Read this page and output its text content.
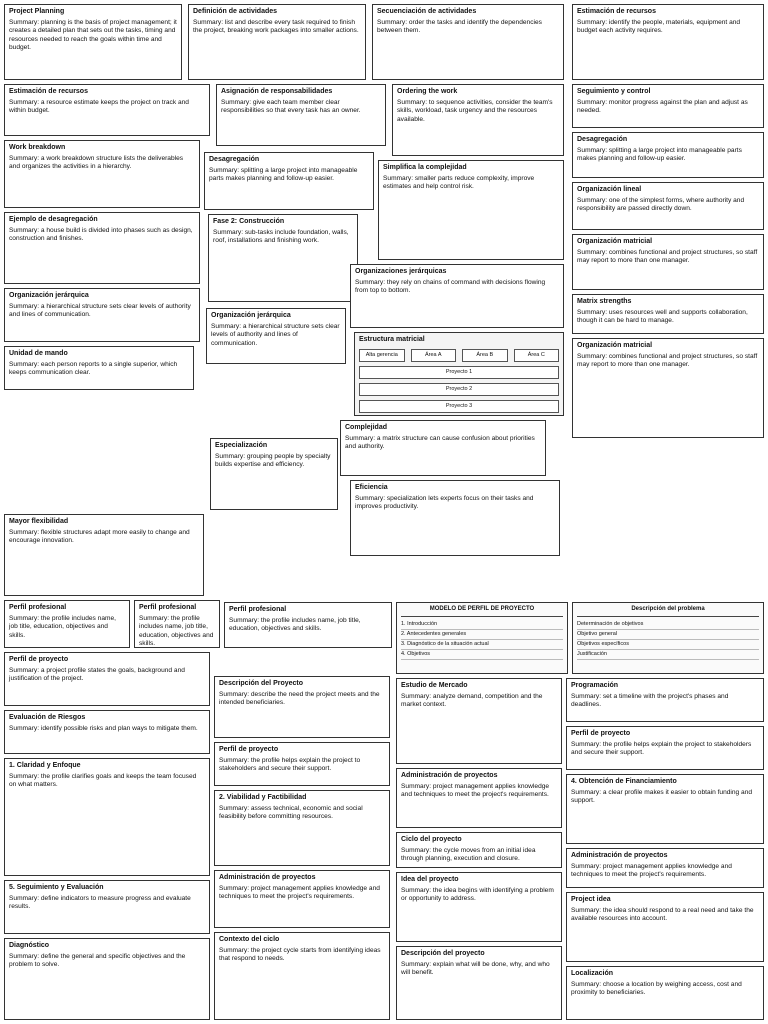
Project Planning

Summary: planning is the basis of project management; it creates a detailed plan that sets out the tasks, timing and resources needed to reach the goals within time and budget.

Definición de actividades

Summary: list and describe every task required to finish the project, breaking work packages into smaller actions.

Secuenciación de actividades

Summary: order the tasks and identify the dependencies between them.

Estimación de recursos

Summary: identify the people, materials, equipment and budget each activity requires.

Estimación de recursos

Summary: a resource estimate keeps the project on track and within budget.

Asignación de responsabilidades

Summary: give each team member clear responsibilities so that every task has an owner.

Ordering the work

Summary: to sequence activities, consider the team's skills, workload, task urgency and the resources available.

Seguimiento y control

Summary: monitor progress against the plan and adjust as needed.

Work breakdown

Summary: a work breakdown structure lists the deliverables and organizes the activities in a hierarchy.

Desagregación

Summary: splitting a large project into manageable parts makes planning and follow-up easier.

Simplifica la complejidad

Summary: smaller parts reduce complexity, improve estimates and help control risk.

Desagregación

Summary: splitting a large project into manageable parts makes planning and follow-up easier.

Ejemplo de desagregación

Summary: a house build is divided into phases such as design, construction and finishes.

Fase 2: Construcción

Summary: sub-tasks include foundation, walls, roof, installations and finishing work.

Organización lineal

Summary: one of the simplest forms, where authority and responsibility are passed directly down.

Organización jerárquica

Summary: a hierarchical structure sets clear levels of authority and lines of communication.	Organización jerárquica

Summary: a hierarchical structure sets clear levels of authority and lines of communication.

Organizaciones jerárquicas

Summary: they rely on chains of command with decisions flowing from top to bottom.

Organización matricial

Summary: combines functional and project structures, so staff may report to more than one manager.

Unidad de mando

Summary: each person reports to a single superior, which keeps communication clear.

Estructura matricial
Alta gerencia	Área A	Área B	Área C
Proyecto 1
Proyecto 2
Proyecto 3
Matrix strengths

Summary: uses resources well and supports collaboration, though it can be hard to manage.

Organización matricial

Summary: combines functional and project structures, so staff may report to more than one manager.

Complejidad

Summary: a matrix structure can cause confusion about priorities and authority.

Especialización

Summary: grouping people by specialty builds expertise and efficiency.

Eficiencia

Summary: specialization lets experts focus on their tasks and improves productivity.

Mayor flexibilidad

Summary: flexible structures adapt more easily to change and encourage innovation.

Perfil profesional

Summary: the profile includes name, job title, education, objectives and skills.

Perfil profesional

Summary: the profile includes name, job title, education, objectives and skills.

Perfil profesional

Summary: the profile includes name, job title, education, objectives and skills.

MODELO DE PERFIL DE PROYECTO
1. Introducción
2. Antecedentes generales
3. Diagnóstico de la situación actual
4. Objetivos
Descripción del problema
Determinación de objetivos
Objetivo general
Objetivos específicos
Justificación
Perfil de proyecto

Summary: a project profile states the goals, background and justification of the project.

Descripción del Proyecto

Summary: describe the need the project meets and the intended beneficiaries.

Estudio de Mercado

Summary: analyze demand, competition and the market context.

Programación

Summary: set a timeline with the project's phases and deadlines.

Evaluación de Riesgos

Summary: identify possible risks and plan ways to mitigate them.

Perfil de proyecto

Summary: the profile helps explain the project to stakeholders and secure their support.

Perfil de proyecto

Summary: the profile helps explain the project to stakeholders and secure their support.

1. Claridad y Enfoque

Summary: the profile clarifies goals and keeps the team focused on what matters.

2. Viabilidad y Factibilidad

Summary: assess technical, economic and social feasibility before committing resources.

Administración de proyectos

Summary: project management applies knowledge and techniques to meet the project's requirements.

4. Obtención de Financiamiento

Summary: a clear profile makes it easier to obtain funding and support.

Administración de proyectos

Summary: project management applies knowledge and techniques to meet the project's requirements.

Ciclo del proyecto

Summary: the cycle moves from an initial idea through planning, execution and closure.	Administración de proyectos

Summary: project management applies knowledge and techniques to meet the project's requirements.

5. Seguimiento y Evaluación

Summary: define indicators to measure progress and evaluate results.

Idea del proyecto

Summary: the idea begins with identifying a problem or opportunity to address.	Project idea

Summary: the idea should respond to a real need and take the available resources into account.

Diagnóstico

Summary: define the general and specific objectives and the problem to solve.

Contexto del ciclo

Summary: the project cycle starts from identifying ideas that respond to needs.

Descripción del proyecto

Summary: explain what will be done, why, and who will benefit.	Localización

Summary: choose a location by weighing access, cost and proximity to beneficiaries.
